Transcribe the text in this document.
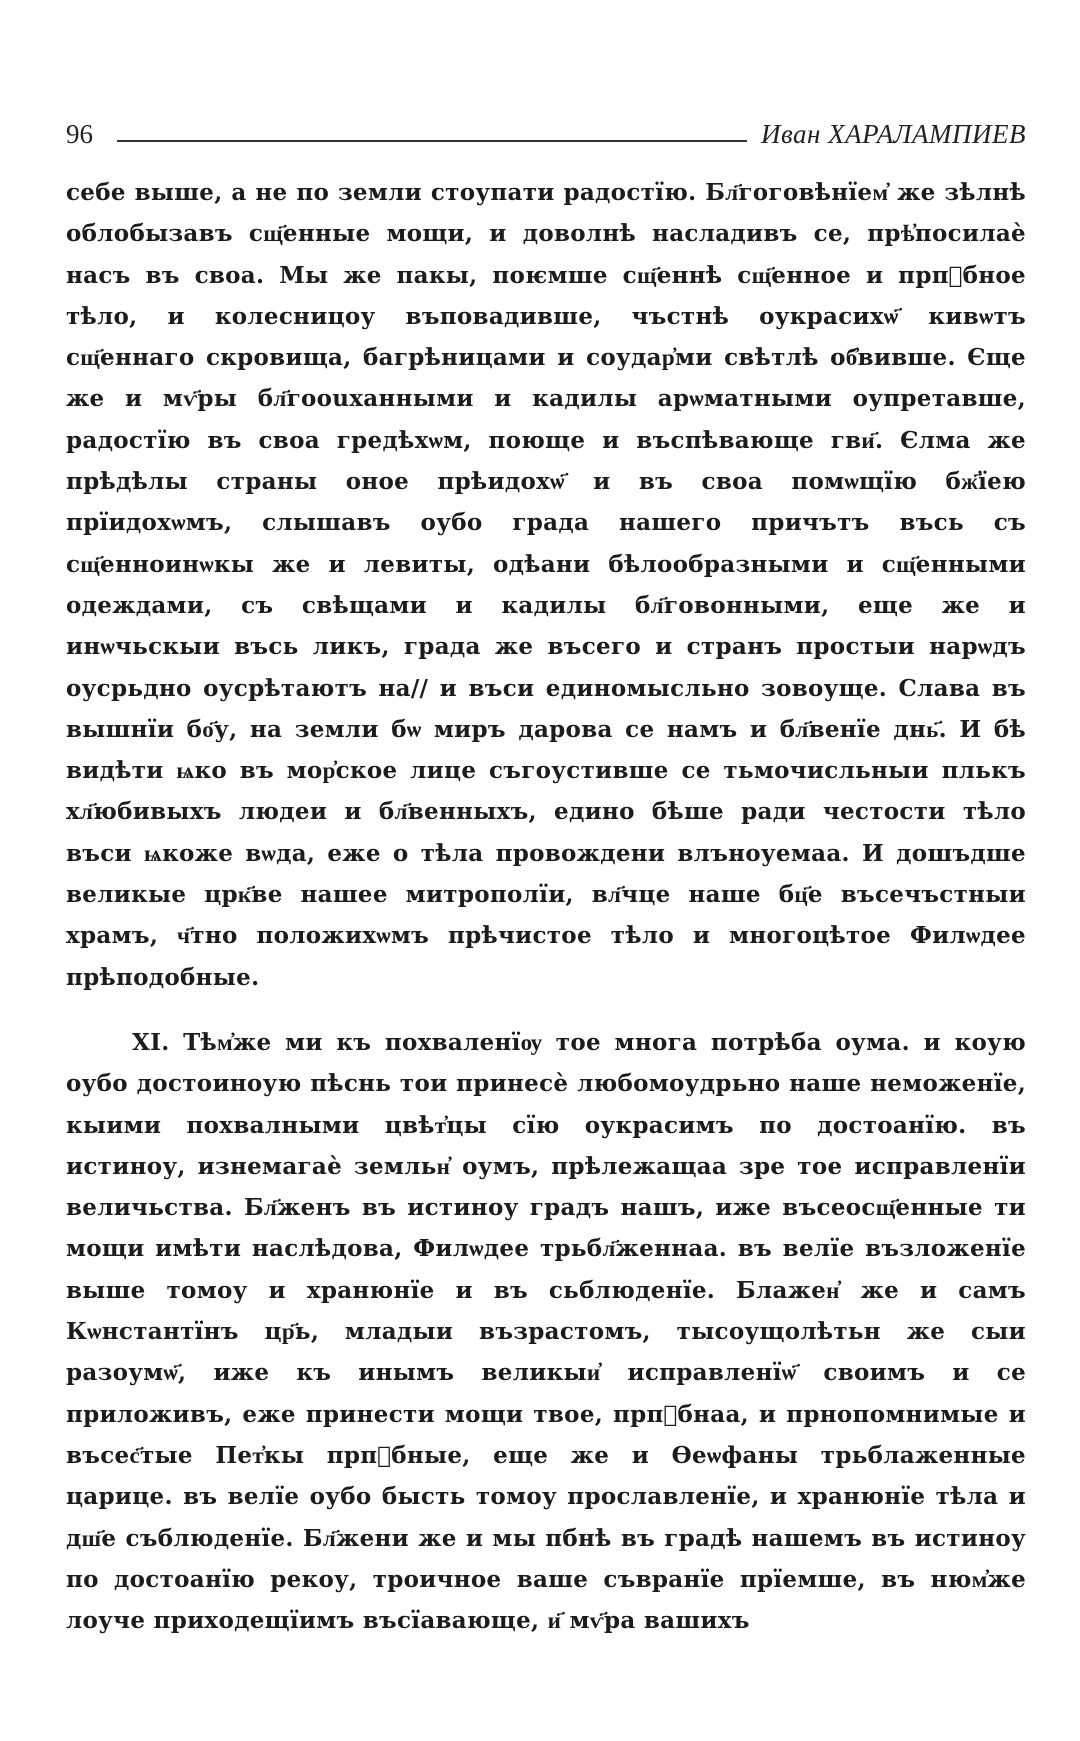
96	Иван ХАРАЛАМПИЕВ

себе выше, а не по земли стоупати радостїю. Бл҃гоговѣнїем҆ же зѣлнѣ облобызавъ сщ҃енные мощи, и доволнѣ насладивъ се, прѣ҆посилаѐ насъ въ своа. Мы же пакы, поѥмше сщ҃еннѣ сщ҃енное и прпⷣбное тѣло, и колесницоу въповадивше, чъстнѣ оукрасихѡ҃ кивѡтъ сщ҃еннаго скровища, багрѣницами и соудар҆ми свѣтлѣ об҆вивше. Єще же и мѵ҃ры бл҃гоouханными и кадилы арѡматными оупретавше, радостїю въ своа грeдѣхѡм, поюще и въспѣвающе гви҃. Єлма же прѣдѣлы страны оное прѣидохѡ҃ и въ своа помѡщїю бж҃їею прїидохѡмъ, слышавъ оубо града нашего причътъ въсь съ сщ҃енноинѡкы же и левиты, одѣани бѣлообразными и сщ҃енными одеждами, съ свѣщами и кадилы бл҃говонными, еще же и инѡчьскыи въсь ликъ, града же въсего и странъ простыи нарѡдъ оусрьдно оусрѣтаютъ на// и въси единомысльно зовоуще. Слава въ вышнїи бо҃у, на земли бѡ миръ дарова се намъ и бл҃венїе днь҃. И бѣ видѣти ѩко въ мор҆ское лице съгоустивше се тьмочисльныи плькъ хл҃юбивыхъ людеи и бл҃венныхъ, едино бѣше ради честости тѣло въси ѩкоже вѡда, еже о тѣла провождени влъноуемаа. И дошъдше великые црк҃ве нашее митрополїи, вл҃чце наше бц҃е въсечъстныи храмъ, ч҃тно положихѡмъ прѣчистое тѣло и многоцѣтое Филѡдее прѣподобные.

XI. Тѣм҆же ми къ похваленїѹ тое многа потрѣба оума. и коую оубо достоиноую пѣснь тои принесѐ любомоудрьно наше неможенїе, кыими похвалными цвѣт҆цы сїю оукрасимъ по достоанїю. въ истиноу, изнемагаѐ земльн҆ оумъ, прѣлежащаа зре тое исправленїи величьства. Бл҃женъ въ истиноу градъ нашъ, иже въсеосщ҃енные ти мощи имѣти наслѣдова, Филѡдее трьбл҃женнаа. въ велїе възложенїе выше томоу и хранюнїе и въ сьблюденїе. Блажен҆ же и самъ Кѡнстантїнъ цр҃ь, младыи възрастомъ, тысоущолѣтьн же сыи разоумѡ҃, иже къ инымъ великыи҆ исправленїѡ҃ своимъ и се приложивъ, еже принести мощи твое, прпⷣбнаа, и прнопомнимые и въсес҃тые Пет҆кы прпⷣбные, еще же и Ѳеѡфаны трьблаженные царице. въ велїе оубо бысть томоу прославленїе, и хранюнїе тѣла и дш҃е съблюденїе. Бл҃жени же и мы пбнѣ въ градѣ нашемъ въ истиноу по достоанїю рекоу, троичное ваше съвранїе прїемше, въ нюм҆же лоуче приходещїимъ въсїавающе, и҃ мѵ҃ра вашихъ
